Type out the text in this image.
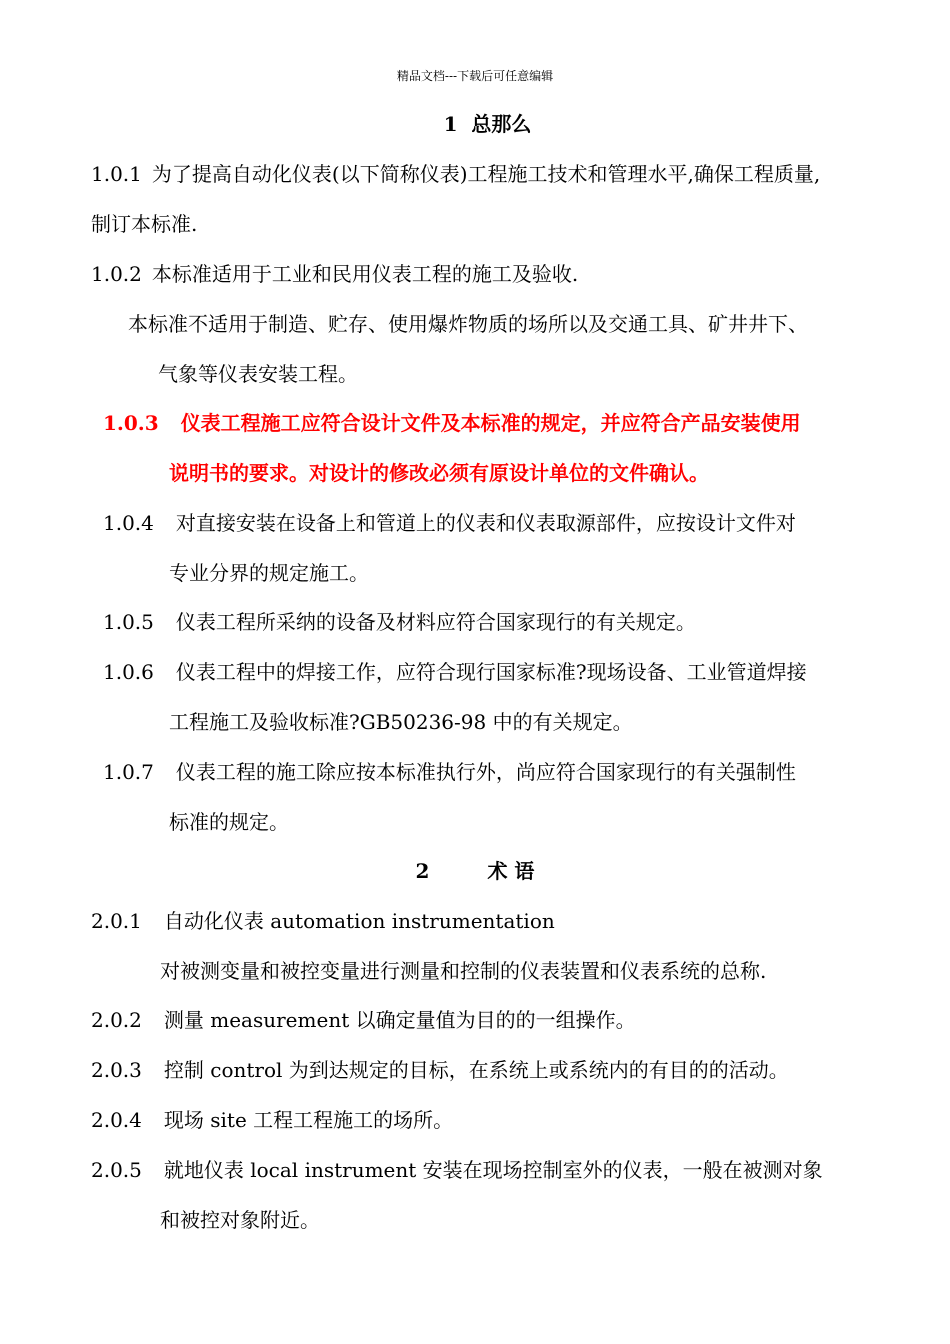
精品文档---下载后可任意编辑
1 总那么
1.0.1 为了提高自动化仪表(以下简称仪表)工程施工技术和管理水平,确保工程质量,
制订本标准.
1.0.2 本标准适用于工业和民用仪表工程的施工及验收.
本标准不适用于制造、贮存、使用爆炸物质的场所以及交通工具、矿井井下、
气象等仪表安装工程。
1.0.3 仪表工程施工应符合设计文件及本标准的规定，并应符合产品安装使用
说明书的要求。对设计的修改必须有原设计单位的文件确认。
1.0.4 对直接安装在设备上和管道上的仪表和仪表取源部件，应按设计文件对
专业分界的规定施工。
1.0.5 仪表工程所采纳的设备及材料应符合国家现行的有关规定。
1.0.6 仪表工程中的焊接工作，应符合现行国家标准?现场设备、工业管道焊接
工程施工及验收标准?GB50236-98 中的有关规定。
1.0.7 仪表工程的施工除应按本标准执行外，尚应符合国家现行的有关强制性
标准的规定。
2	术 语
2.0.1 自动化仪表 automation instrumentation
对被测变量和被控变量进行测量和控制的仪表装置和仪表系统的总称.
2.0.2 测量 measurement 以确定量值为目的的一组操作。
2.0.3 控制 control 为到达规定的目标，在系统上或系统内的有目的的活动。
2.0.4 现场 site 工程工程施工的场所。
2.0.5 就地仪表 local instrument 安装在现场控制室外的仪表，一般在被测对象
和被控对象附近。
